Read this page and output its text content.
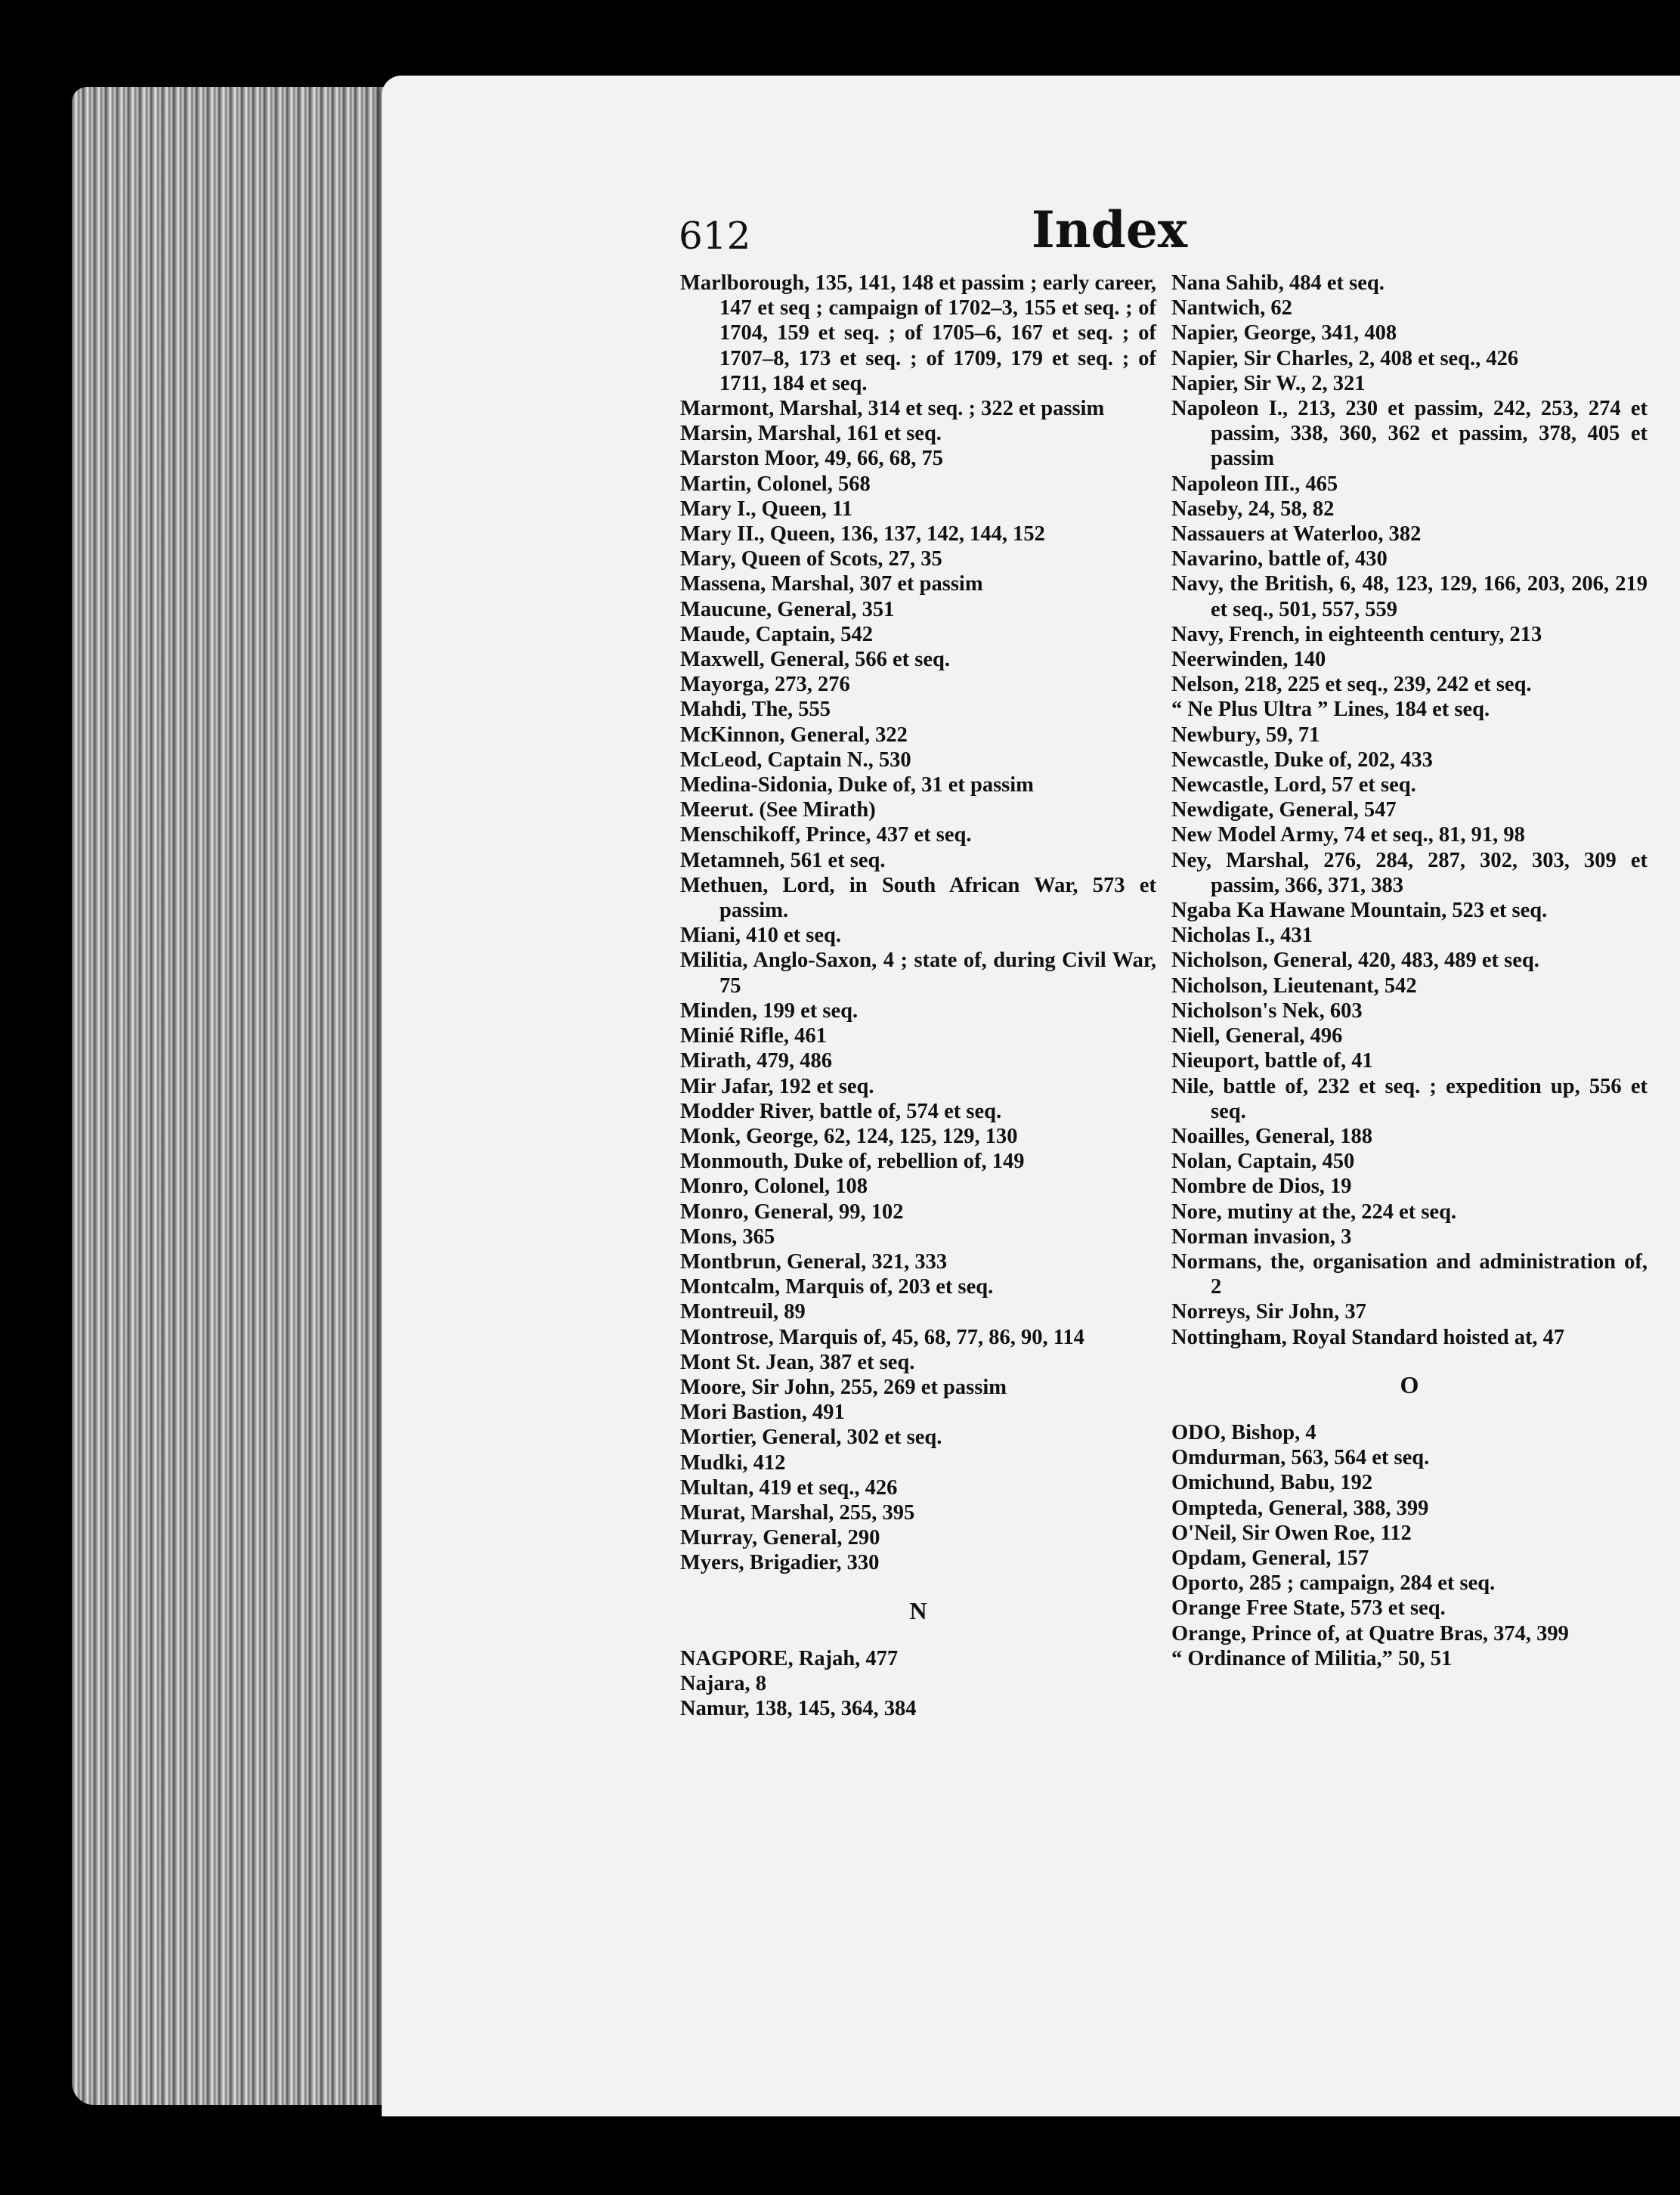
612	Index
Marlborough, 135, 141, 148 et passim ; early career, 147 et seq ; campaign of 1702–3, 155 et seq. ; of 1704, 159 et seq. ; of 1705–6, 167 et seq. ; of 1707–8, 173 et seq. ; of 1709, 179 et seq. ; of 1711, 184 et seq.
Marmont, Marshal, 314 et seq. ; 322 et passim
Marsin, Marshal, 161 et seq.
Marston Moor, 49, 66, 68, 75
Martin, Colonel, 568
Mary I., Queen, 11
Mary II., Queen, 136, 137, 142, 144, 152
Mary, Queen of Scots, 27, 35
Massena, Marshal, 307 et passim
Maucune, General, 351
Maude, Captain, 542
Maxwell, General, 566 et seq.
Mayorga, 273, 276
Mahdi, The, 555
McKinnon, General, 322
McLeod, Captain N., 530
Medina-Sidonia, Duke of, 31 et passim
Meerut. (See Mirath)
Menschikoff, Prince, 437 et seq.
Metamneh, 561 et seq.
Methuen, Lord, in South African War, 573 et passim.
Miani, 410 et seq.
Militia, Anglo-Saxon, 4 ; state of, during Civil War, 75
Minden, 199 et seq.
Minié Rifle, 461
Mirath, 479, 486
Mir Jafar, 192 et seq.
Modder River, battle of, 574 et seq.
Monk, George, 62, 124, 125, 129, 130
Monmouth, Duke of, rebellion of, 149
Monro, Colonel, 108
Monro, General, 99, 102
Mons, 365
Montbrun, General, 321, 333
Montcalm, Marquis of, 203 et seq.
Montreuil, 89
Montrose, Marquis of, 45, 68, 77, 86, 90, 114
Mont St. Jean, 387 et seq.
Moore, Sir John, 255, 269 et passim
Mori Bastion, 491
Mortier, General, 302 et seq.
Mudki, 412
Multan, 419 et seq., 426
Murat, Marshal, 255, 395
Murray, General, 290
Myers, Brigadier, 330
N
NAGPORE, Rajah, 477
Najara, 8
Namur, 138, 145, 364, 384
Nana Sahib, 484 et seq.
Nantwich, 62
Napier, George, 341, 408
Napier, Sir Charles, 2, 408 et seq., 426
Napier, Sir W., 2, 321
Napoleon I., 213, 230 et passim, 242, 253, 274 et passim, 338, 360, 362 et passim, 378, 405 et passim
Napoleon III., 465
Naseby, 24, 58, 82
Nassauers at Waterloo, 382
Navarino, battle of, 430
Navy, the British, 6, 48, 123, 129, 166, 203, 206, 219 et seq., 501, 557, 559
Navy, French, in eighteenth century, 213
Neerwinden, 140
Nelson, 218, 225 et seq., 239, 242 et seq.
“ Ne Plus Ultra ” Lines, 184 et seq.
Newbury, 59, 71
Newcastle, Duke of, 202, 433
Newcastle, Lord, 57 et seq.
Newdigate, General, 547
New Model Army, 74 et seq., 81, 91, 98
Ney, Marshal, 276, 284, 287, 302, 303, 309 et passim, 366, 371, 383
Ngaba Ka Hawane Mountain, 523 et seq.
Nicholas I., 431
Nicholson, General, 420, 483, 489 et seq.
Nicholson, Lieutenant, 542
Nicholson's Nek, 603
Niell, General, 496
Nieuport, battle of, 41
Nile, battle of, 232 et seq. ; expedition up, 556 et seq.
Noailles, General, 188
Nolan, Captain, 450
Nombre de Dios, 19
Nore, mutiny at the, 224 et seq.
Norman invasion, 3
Normans, the, organisation and administration of, 2
Norreys, Sir John, 37
Nottingham, Royal Standard hoisted at, 47
O
ODO, Bishop, 4
Omdurman, 563, 564 et seq.
Omichund, Babu, 192
Ompteda, General, 388, 399
O'Neil, Sir Owen Roe, 112
Opdam, General, 157
Oporto, 285 ; campaign, 284 et seq.
Orange Free State, 573 et seq.
Orange, Prince of, at Quatre Bras, 374, 399
“ Ordinance of Militia,” 50, 51
